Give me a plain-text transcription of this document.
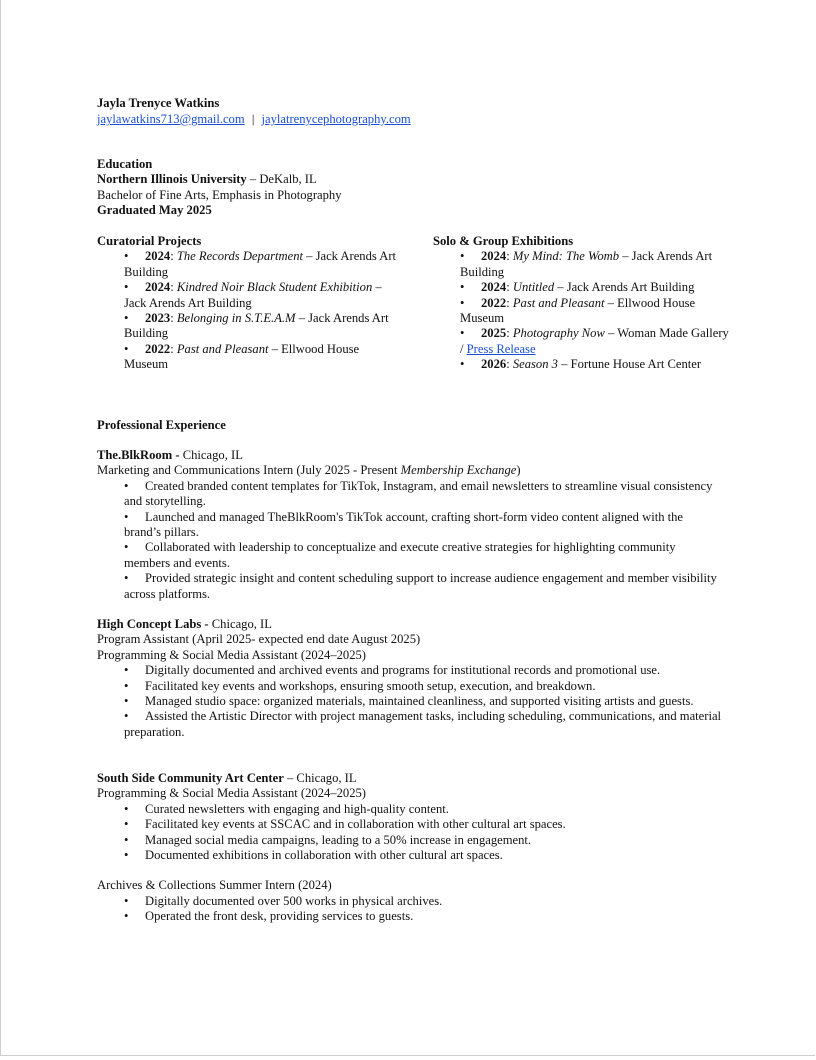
Jayla Trenyce Watkins
jaylawatkins713@gmail.com | jaylatrenycephotography.com
Education
Northern Illinois University – DeKalb, IL
Bachelor of Fine Arts, Emphasis in Photography
Graduated May 2025
Curatorial Projects
• 2024: The Records Department – Jack Arends Art Building
• 2024: Kindred Noir Black Student Exhibition – Jack Arends Art Building
• 2023: Belonging in S.T.E.A.M – Jack Arends Art Building
• 2022: Past and Pleasant – Ellwood House Museum
Solo & Group Exhibitions
• 2024: My Mind: The Womb – Jack Arends Art Building
• 2024: Untitled – Jack Arends Art Building
• 2022: Past and Pleasant – Ellwood House Museum
• 2025: Photography Now – Woman Made Gallery / Press Release
• 2026: Season 3 – Fortune House Art Center
Professional Experience
The.BlkRoom - Chicago, IL
Marketing and Communications Intern (July 2025 - Present Membership Exchange)
• Created branded content templates for TikTok, Instagram, and email newsletters to streamline visual consistency and storytelling.
• Launched and managed TheBlkRoom's TikTok account, crafting short-form video content aligned with the brand’s pillars.
• Collaborated with leadership to conceptualize and execute creative strategies for highlighting community members and events.
• Provided strategic insight and content scheduling support to increase audience engagement and member visibility across platforms.
High Concept Labs - Chicago, IL
Program Assistant (April 2025- expected end date August 2025)
Programming & Social Media Assistant (2024–2025)
• Digitally documented and archived events and programs for institutional records and promotional use.
• Facilitated key events and workshops, ensuring smooth setup, execution, and breakdown.
• Managed studio space: organized materials, maintained cleanliness, and supported visiting artists and guests.
• Assisted the Artistic Director with project management tasks, including scheduling, communications, and material preparation.
South Side Community Art Center – Chicago, IL
Programming & Social Media Assistant (2024–2025)
• Curated newsletters with engaging and high-quality content.
• Facilitated key events at SSCAC and in collaboration with other cultural art spaces.
• Managed social media campaigns, leading to a 50% increase in engagement.
• Documented exhibitions in collaboration with other cultural art spaces.
Archives & Collections Summer Intern (2024)
• Digitally documented over 500 works in physical archives.
• Operated the front desk, providing services to guests.
